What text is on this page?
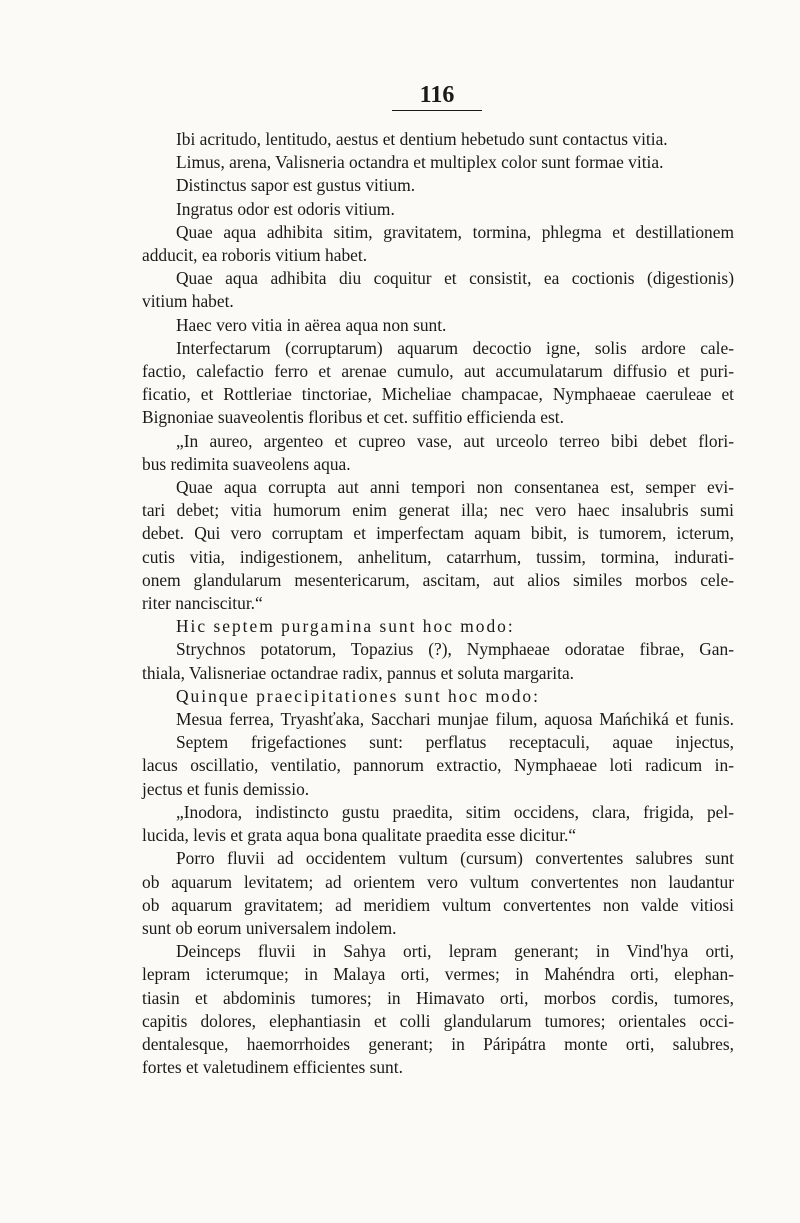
116
Ibi acritudo, lentitudo, aestus et dentium hebetudo sunt contactus vitia.
Limus, arena, Valisneria octandra et multiplex color sunt formae vitia.
Distinctus sapor est gustus vitium.
Ingratus odor est odoris vitium.
Quae aqua adhibita sitim, gravitatem, tormina, phlegma et destillationem
adducit, ea roboris vitium habet.
Quae aqua adhibita diu coquitur et consistit, ea coctionis (digestionis)
vitium habet.
Haec vero vitia in aërea aqua non sunt.
Interfectarum (corruptarum) aquarum decoctio igne, solis ardore cale-
factio, calefactio ferro et arenae cumulo, aut accumulatarum diffusio et puri-
ficatio, et Rottleriae tinctoriae, Micheliae champacae, Nymphaeae caeruleae et
Bignoniae suaveolentis floribus et cet. suffitio efficienda est.
„In aureo, argenteo et cupreo vase, aut urceolo terreo bibi debet flori-
bus redimita suaveolens aqua.
Quae aqua corrupta aut anni tempori non consentanea est, semper evi-
tari debet; vitia humorum enim generat illa; nec vero haec insalubris sumi
debet. Qui vero corruptam et imperfectam aquam bibit, is tumorem, icterum,
cutis vitia, indigestionem, anhelitum, catarrhum, tussim, tormina, indurati-
onem glandularum mesentericarum, ascitam, aut alios similes morbos cele-
riter nanciscitur.“
Hic septem purgamina sunt hoc modo:
Strychnos potatorum, Topazius (?), Nymphaeae odoratae fibrae, Gan-
thiala, Valisneriae octandrae radix, pannus et soluta margarita.
Quinque praecipitationes sunt hoc modo:
Mesua ferrea, Tryashťaka, Sacchari munjae filum, aquosa Mańchiká et funis.
Septem frigefactiones sunt: perflatus receptaculi, aquae injectus,
lacus oscillatio, ventilatio, pannorum extractio, Nymphaeae loti radicum in-
jectus et funis demissio.
„Inodora, indistincto gustu praedita, sitim occidens, clara, frigida, pel-
lucida, levis et grata aqua bona qualitate praedita esse dicitur.“
Porro fluvii ad occidentem vultum (cursum) convertentes salubres sunt
ob aquarum levitatem; ad orientem vero vultum convertentes non laudantur
ob aquarum gravitatem; ad meridiem vultum convertentes non valde vitiosi
sunt ob eorum universalem indolem.
Deinceps fluvii in Sahya orti, lepram generant; in Vind'hya orti,
lepram icterumque; in Malaya orti, vermes; in Mahéndra orti, elephan-
tiasin et abdominis tumores; in Himavato orti, morbos cordis, tumores,
capitis dolores, elephantiasin et colli glandularum tumores; orientales occi-
dentalesque, haemorrhoides generant; in Páripátra monte orti, salubres,
fortes et valetudinem efficientes sunt.
